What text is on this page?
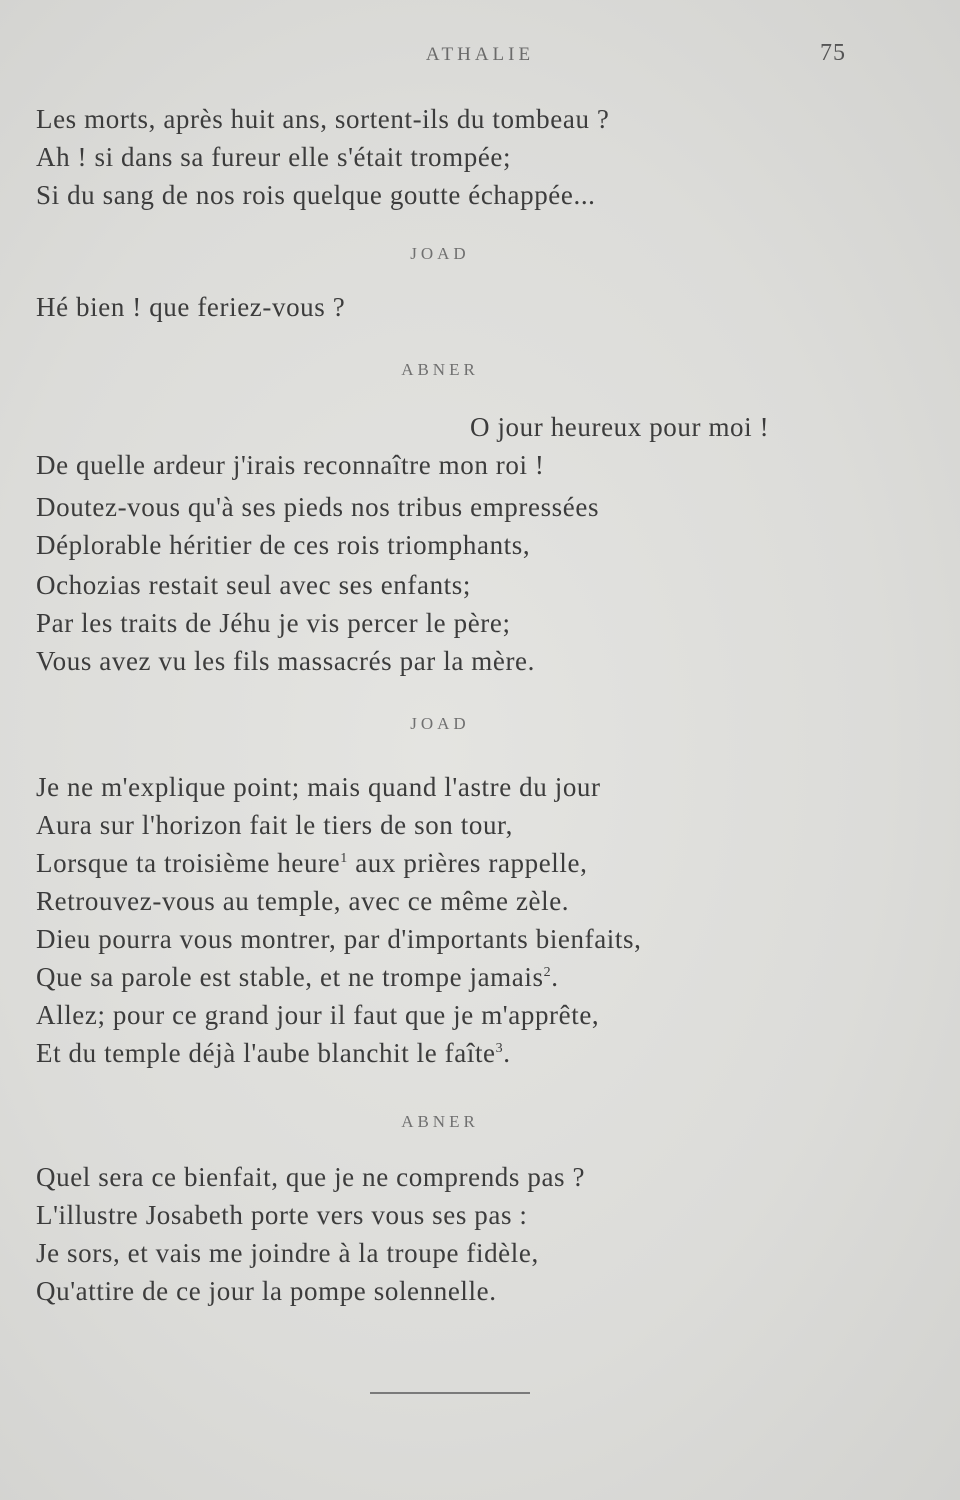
ATHALIE	75
Les morts, après huit ans, sortent-ils du tombeau ?
Ah ! si dans sa fureur elle s'était trompée;
Si du sang de nos rois quelque goutte échappée...
JOAD
Hé bien ! que feriez-vous ?
ABNER
O jour heureux pour moi !
De quelle ardeur j'irais reconnaître mon roi !
Doutez-vous qu'à ses pieds nos tribus empressées
Déplorable héritier de ces rois triomphants,
Ochozias restait seul avec ses enfants;
Par les traits de Jéhu je vis percer le père;
Vous avez vu les fils massacrés par la mère.
JOAD
Je ne m'explique point; mais quand l'astre du jour
Aura sur l'horizon fait le tiers de son tour,
Lorsque ta troisième heure$^1$ aux prières rappelle,
Retrouvez-vous au temple, avec ce même zèle.
Dieu pourra vous montrer, par d'importants bienfaits,
Que sa parole est stable, et ne trompe jamais$^2$.
Allez; pour ce grand jour il faut que je m'apprête,
Et du temple déjà l'aube blanchit le faîte$^3$.
ABNER
Quel sera ce bienfait, que je ne comprends pas ?
L'illustre Josabeth porte vers vous ses pas :
Je sors, et vais me joindre à la troupe fidèle,
Qu'attire de ce jour la pompe solennelle.
